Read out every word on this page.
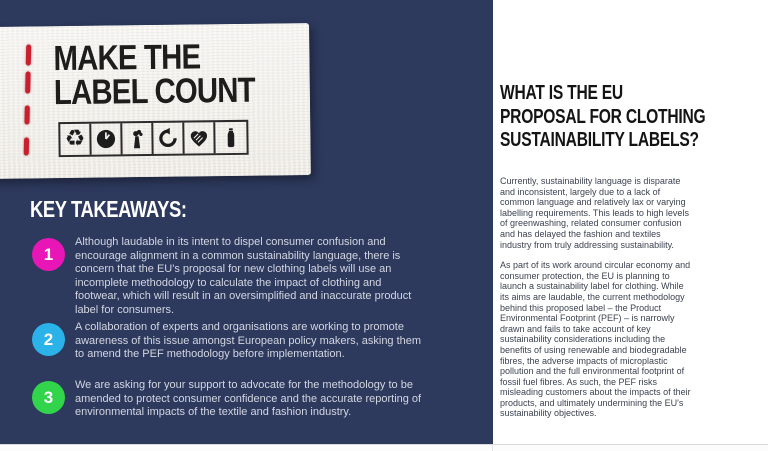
MAKE THE
LABEL COUNT
♻
KEY TAKEAWAYS:
1
Although laudable in its intent to dispel consumer confusion and encourage alignment in a common sustainability language, there is concern that the EU's proposal for new clothing labels will use an incomplete methodology to calculate the impact of clothing and footwear, which will result in an oversimplified and inaccurate product label for consumers.
2
A collaboration of experts and organisations are working to promote awareness of this issue amongst European policy makers, asking them to amend the PEF methodology before implementation.
3
We are asking for your support to advocate for the methodology to be amended to protect consumer confidence and the accurate reporting of environmental impacts of the textile and fashion industry.
WHAT IS THE EU
PROPOSAL FOR CLOTHING
SUSTAINABILITY LABELS?

Currently, sustainability language is disparate and inconsistent, largely due to a lack of common language and relatively lax or varying labelling requirements. This leads to high levels of greenwashing, related consumer confusion and has delayed the fashion and textiles industry from truly addressing sustainability.

As part of its work around circular economy and consumer protection, the EU is planning to launch a sustainability label for clothing. While its aims are laudable, the current methodology behind this proposed label – the Product Environmental Footprint (PEF) – is narrowly drawn and fails to take account of key sustainability considerations including the benefits of using renewable and biodegradable fibres, the adverse impacts of microplastic pollution and the full environmental footprint of fossil fuel fibres. As such, the PEF risks misleading customers about the impacts of their products, and ultimately undermining the EU's sustainability objectives.
